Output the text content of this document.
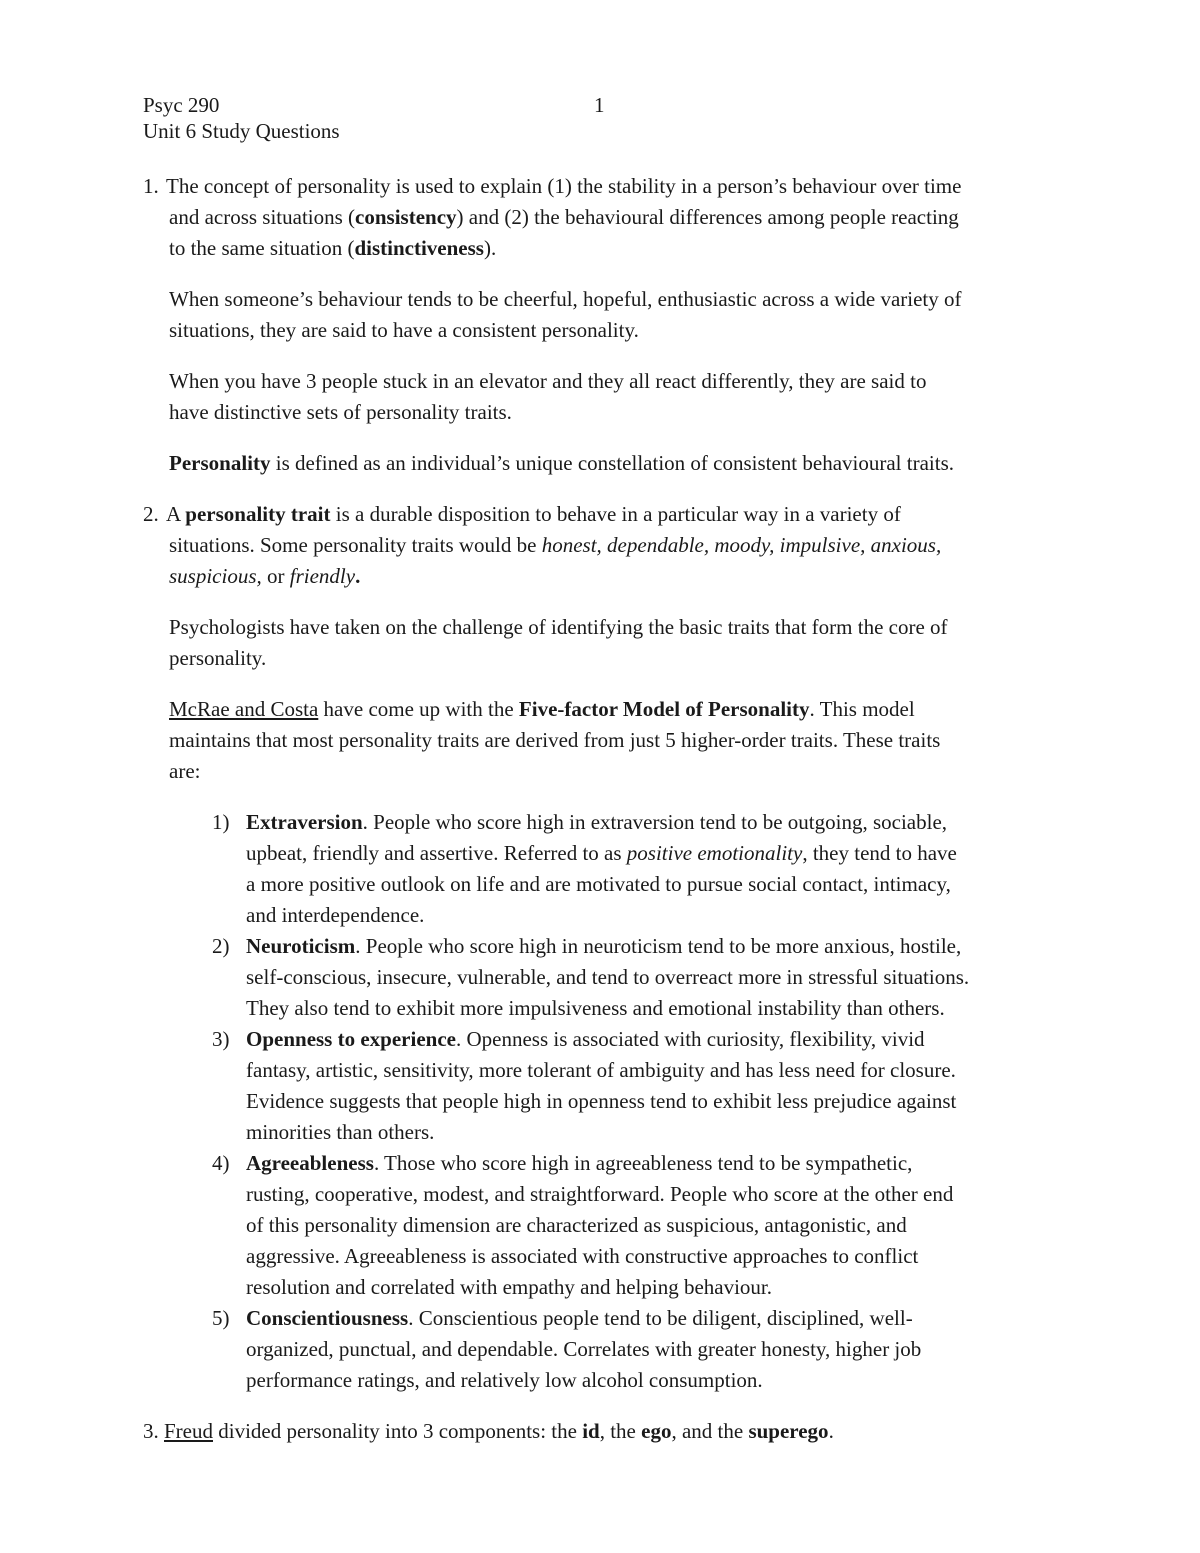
Psyc 290	1
Unit 6 Study Questions
1. The concept of personality is used to explain (1) the stability in a person’s behaviour over time
and across situations (consistency) and (2) the behavioural differences among people reacting
to the same situation (distinctiveness).
When someone’s behaviour tends to be cheerful, hopeful, enthusiastic across a wide variety of
situations, they are said to have a consistent personality.
When you have 3 people stuck in an elevator and they all react differently, they are said to
have distinctive sets of personality traits.
Personality is defined as an individual’s unique constellation of consistent behavioural traits.
2. A personality trait is a durable disposition to behave in a particular way in a variety of
situations. Some personality traits would be honest, dependable, moody, impulsive, anxious,
suspicious, or friendly.
Psychologists have taken on the challenge of identifying the basic traits that form the core of
personality.
McRae and Costa have come up with the Five-factor Model of Personality. This model
maintains that most personality traits are derived from just 5 higher-order traits. These traits
are:
1) Extraversion. People who score high in extraversion tend to be outgoing, sociable,
upbeat, friendly and assertive. Referred to as positive emotionality, they tend to have
a more positive outlook on life and are motivated to pursue social contact, intimacy,
and interdependence.
2) Neuroticism. People who score high in neuroticism tend to be more anxious, hostile,
self-conscious, insecure, vulnerable, and tend to overreact more in stressful situations.
They also tend to exhibit more impulsiveness and emotional instability than others.
3) Openness to experience. Openness is associated with curiosity, flexibility, vivid
fantasy, artistic, sensitivity, more tolerant of ambiguity and has less need for closure.
Evidence suggests that people high in openness tend to exhibit less prejudice against
minorities than others.
4) Agreeableness. Those who score high in agreeableness tend to be sympathetic,
rusting, cooperative, modest, and straightforward. People who score at the other end
of this personality dimension are characterized as suspicious, antagonistic, and
aggressive. Agreeableness is associated with constructive approaches to conflict
resolution and correlated with empathy and helping behaviour.
5) Conscientiousness. Conscientious people tend to be diligent, disciplined, well-
organized, punctual, and dependable. Correlates with greater honesty, higher job
performance ratings, and relatively low alcohol consumption.
3. Freud divided personality into 3 components: the id, the ego, and the superego.
